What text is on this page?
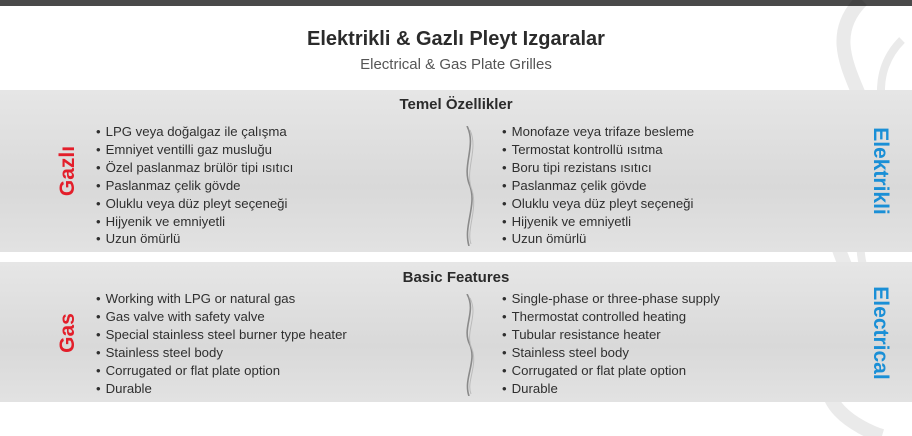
Elektrikli & Gazlı Pleyt Izgaralar
Electrical & Gas Plate Grilles
Temel Özellikler
Gazlı
• LPG veya doğalgaz ile çalışma
• Emniyet ventilli gaz musluğu
• Özel paslanmaz brülör tipi ısıtıcı
• Paslanmaz çelik gövde
• Oluklu veya düz pleyt seçeneği
• Hijyenik ve emniyetli
• Uzun ömürlü
• Monofaze veya trifaze besleme
• Termostat kontrollü ısıtma
• Boru tipi rezistans ısıtıcı
• Paslanmaz çelik gövde
• Oluklu veya düz pleyt seçeneği
• Hijyenik ve emniyetli
• Uzun ömürlü
Elektrikli
Basic Features
Gas
• Working with LPG or natural gas
• Gas valve with safety valve
• Special stainless steel burner type heater
• Stainless steel body
• Corrugated or flat plate option
• Durable
• Single-phase or three-phase supply
• Thermostat controlled heating
• Tubular resistance heater
• Stainless steel body
• Corrugated or flat plate option
• Durable
Electrical
